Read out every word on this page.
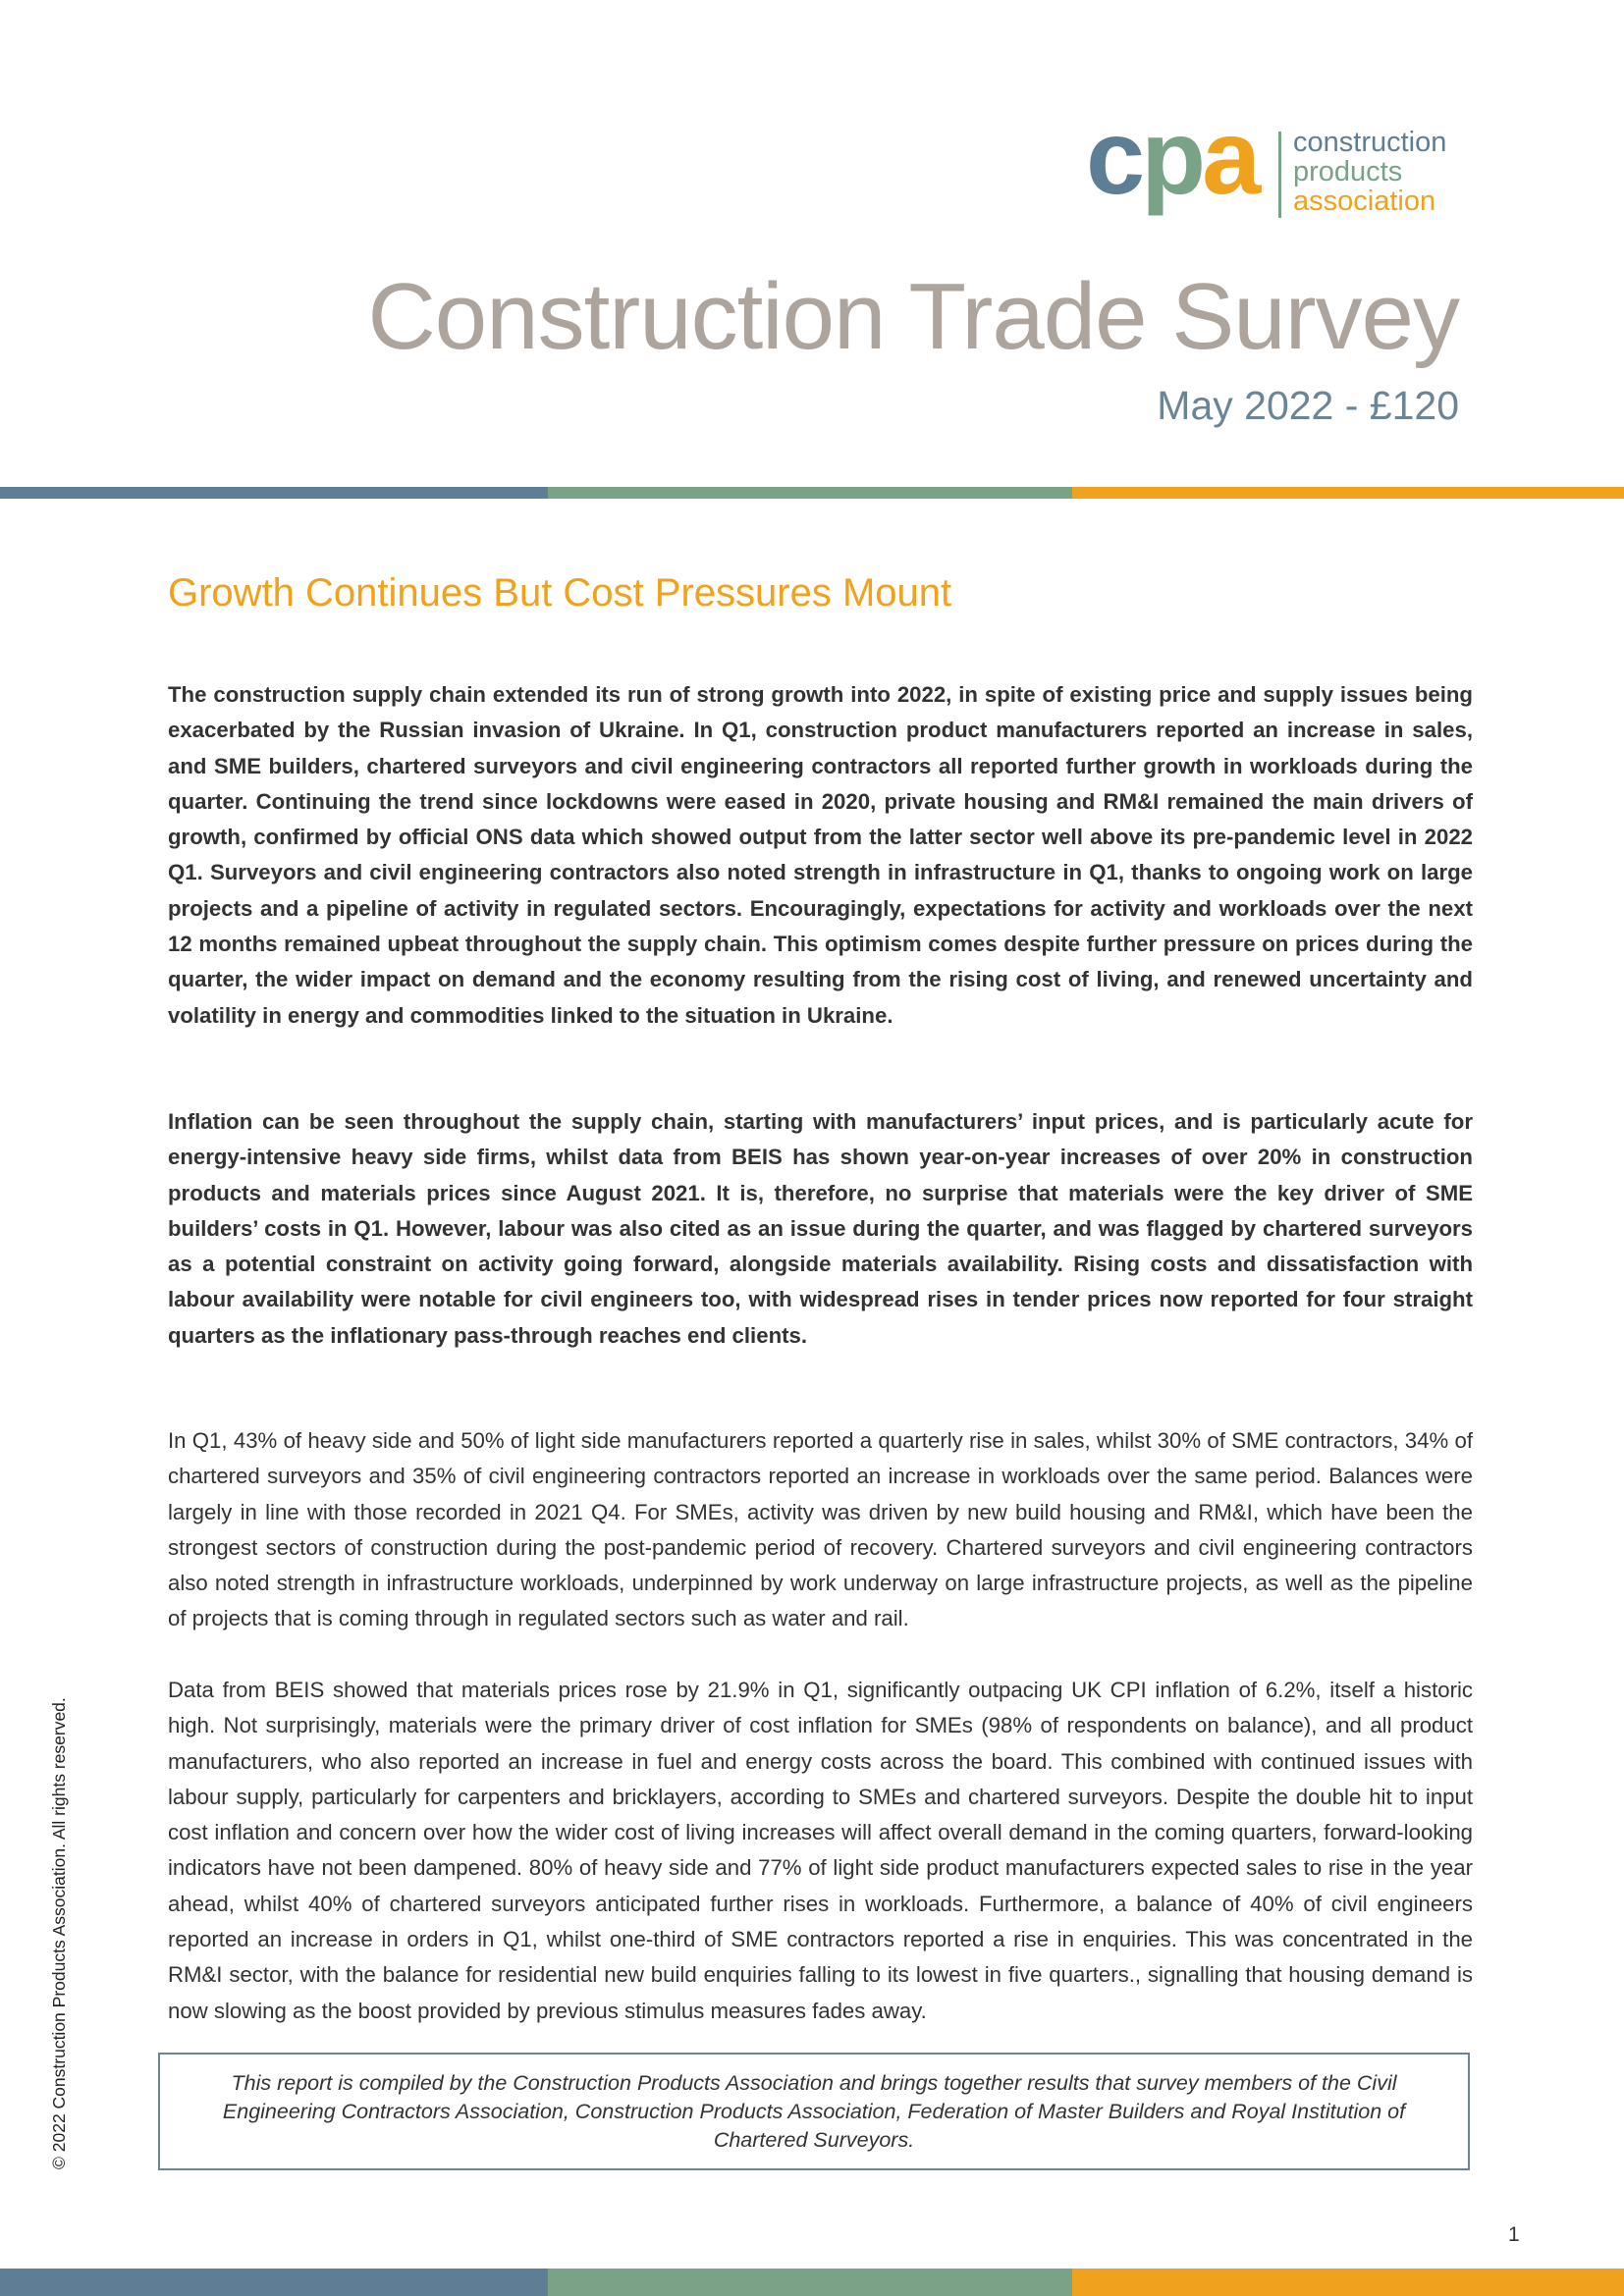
cpa construction
products
association
Construction Trade Survey
May 2022 - £120
Growth Continues But Cost Pressures Mount

The construction supply chain extended its run of strong growth into 2022, in spite of existing price and supply issues being exacerbated by the Russian invasion of Ukraine. In Q1, construction product manufacturers reported an increase in sales, and SME builders, chartered surveyors and civil engineering contractors all reported further growth in workloads during the quarter. Continuing the trend since lockdowns were eased in 2020, private housing and RM&I remained the main drivers of growth, confirmed by official ONS data which showed output from the latter sector well above its pre-pandemic level in 2022 Q1. Surveyors and civil engineering contractors also noted strength in infrastructure in Q1, thanks to ongoing work on large projects and a pipeline of activity in regulated sectors. Encouragingly, expectations for activity and workloads over the next 12 months remained upbeat throughout the supply chain. This optimism comes despite further pressure on prices during the quarter, the wider impact on demand and the economy resulting from the rising cost of living, and renewed uncertainty and volatility in energy and commodities linked to the situation in Ukraine.

Inflation can be seen throughout the supply chain, starting with manufacturers’ input prices, and is particularly acute for energy-intensive heavy side firms, whilst data from BEIS has shown year-on-year increases of over 20% in construction products and materials prices since August 2021. It is, therefore, no surprise that materials were the key driver of SME builders’ costs in Q1. However, labour was also cited as an issue during the quarter, and was flagged by chartered surveyors as a potential constraint on activity going forward, alongside materials availability. Rising costs and dissatisfaction with labour availability were notable for civil engineers too, with widespread rises in tender prices now reported for four straight quarters as the inflationary pass-through reaches end clients.

In Q1, 43% of heavy side and 50% of light side manufacturers reported a quarterly rise in sales, whilst 30% of SME contractors, 34% of chartered surveyors and 35% of civil engineering contractors reported an increase in workloads over the same period. Balances were largely in line with those recorded in 2021 Q4. For SMEs, activity was driven by new build housing and RM&I, which have been the strongest sectors of construction during the post-pandemic period of recovery. Chartered surveyors and civil engineering contractors also noted strength in infrastructure workloads, underpinned by work underway on large infrastructure projects, as well as the pipeline of projects that is coming through in regulated sectors such as water and rail.

Data from BEIS showed that materials prices rose by 21.9% in Q1, significantly outpacing UK CPI inflation of 6.2%, itself a historic high. Not surprisingly, materials were the primary driver of cost inflation for SMEs (98% of respondents on balance), and all product manufacturers, who also reported an increase in fuel and energy costs across the board. This combined with continued issues with labour supply, particularly for carpenters and bricklayers, according to SMEs and chartered surveyors. Despite the double hit to input cost inflation and concern over how the wider cost of living increases will affect overall demand in the coming quarters, forward-looking indicators have not been dampened. 80% of heavy side and 77% of light side product manufacturers expected sales to rise in the year ahead, whilst 40% of chartered surveyors anticipated further rises in workloads. Furthermore, a balance of 40% of civil engineers reported an increase in orders in Q1, whilst one-third of SME contractors reported a rise in enquiries. This was concentrated in the RM&I sector, with the balance for residential new build enquiries falling to its lowest in five quarters., signalling that housing demand is now slowing as the boost provided by previous stimulus measures fades away.

This report is compiled by the Construction Products Association and brings together results that survey members of the Civil Engineering Contractors Association, Construction Products Association, Federation of Master Builders and Royal Institution of Chartered Surveyors.

© 2022 Construction Products Association. All rights reserved.
1
